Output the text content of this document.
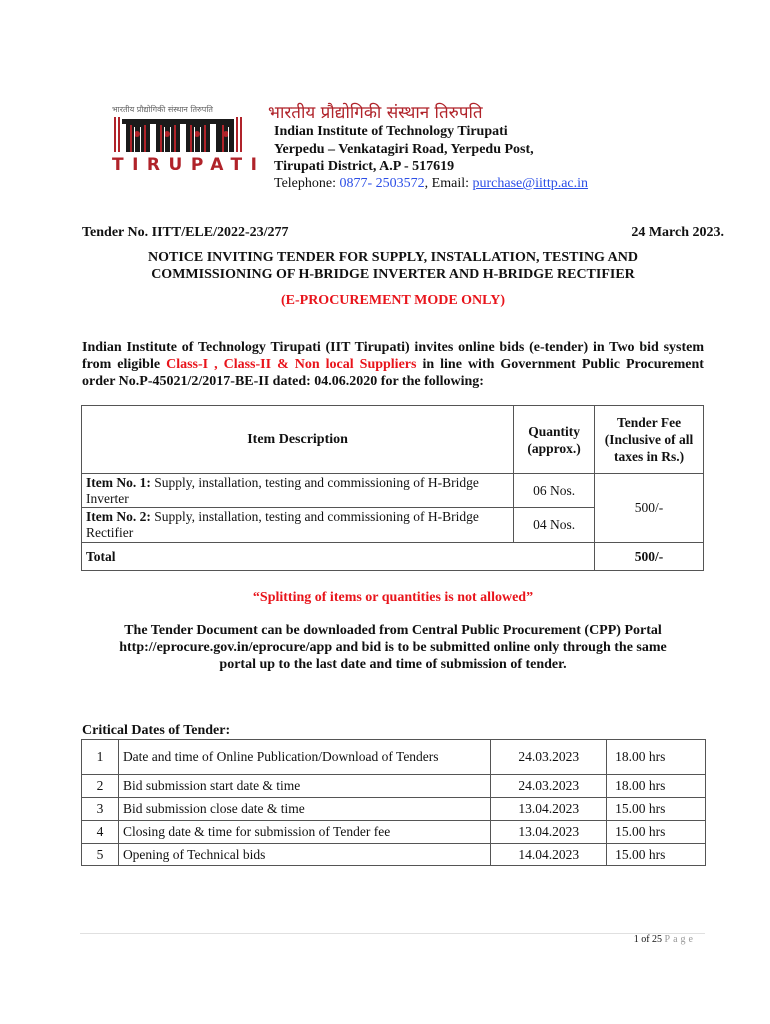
भारतीय प्रौद्योगिकी संस्थान तिरुपति
TIRUPATI
भारतीय प्रौद्योगिकी संस्थान तिरुपति
Indian Institute of Technology Tirupati
Yerpedu – Venkatagiri Road, Yerpedu Post,
Tirupati District, A.P - 517619
Telephone: 0877- 2503572, Email: purchase@iittp.ac.in
Tender No. IITT/ELE/2022-23/277	24 March 2023.
NOTICE INVITING TENDER FOR SUPPLY, INSTALLATION, TESTING AND
COMMISSIONING OF H-BRIDGE INVERTER AND H-BRIDGE RECTIFIER
(E-PROCUREMENT MODE ONLY)
Indian Institute of Technology Tirupati (IIT Tirupati) invites online bids (e-tender) in Two bid system from eligible Class-I , Class-II & Non local Suppliers in line with Government Public Procurement order No.P-45021/2/2017-BE-II dated: 04.06.2020 for the following:
Item Description	Quantity (approx.)	Tender Fee (Inclusive of all taxes in Rs.)
Item No. 1: Supply, installation, testing and commissioning of H-Bridge Inverter	06 Nos.	500/-
Item No. 2: Supply, installation, testing and commissioning of H-Bridge Rectifier	04 Nos.	
Total		500/-
“Splitting of items or quantities is not allowed”
The Tender Document can be downloaded from Central Public Procurement (CPP) Portal
http://eprocure.gov.in/eprocure/app and bid is to be submitted online only through the same
portal up to the last date and time of submission of tender.
Critical Dates of Tender:
1	Date and time of Online Publication/Download of Tenders	24.03.2023	18.00 hrs
2	Bid submission start date & time	24.03.2023	18.00 hrs
3	Bid submission close date & time	13.04.2023	15.00 hrs
4	Closing date & time for submission of Tender fee	13.04.2023	15.00 hrs
5	Opening of Technical bids	14.04.2023	15.00 hrs
1 of 25 Page
